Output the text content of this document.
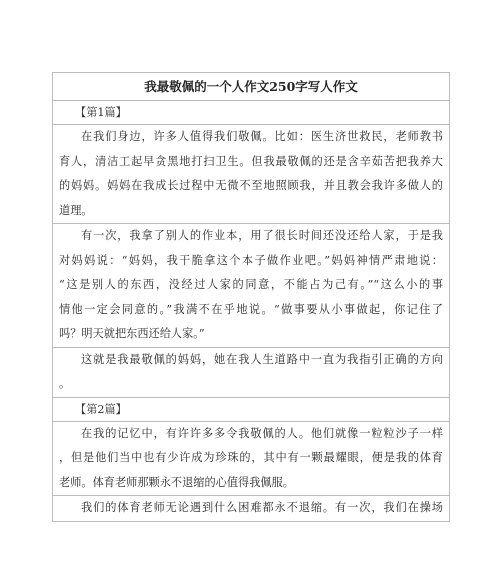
我最敬佩的一个人作文250字写人作文
【第1篇】
在我们身边，许多人值得我们敬佩。比如：医生济世救民，老师教书
育人，清洁工起早贪黑地打扫卫生。但我最敬佩的还是含辛茹苦把我养大
的妈妈。妈妈在我成长过程中无微不至地照顾我，并且教会我许多做人的
道理。
有一次，我拿了别人的作业本，用了很长时间还没还给人家，于是我
对妈妈说：“妈妈，我干脆拿这个本子做作业吧。”妈妈神情严肃地说：
“这是别人的东西，没经过人家的同意，不能占为己有。”“这么小的事
情他一定会同意的。”我满不在乎地说。“做事要从小事做起，你记住了
吗？明天就把东西还给人家。”
这就是我最敬佩的妈妈，她在我人生道路中一直为我指引正确的方向
。
【第2篇】
在我的记忆中，有许许多多令我敬佩的人。他们就像一粒粒沙子一样
，但是他们当中也有少许成为珍珠的，其中有一颗最耀眼，便是我的体育
老师。体育老师那颗永不退缩的心值得我佩服。
我们的体育老师无论遇到什么困难都永不退缩。有一次，我们在操场
